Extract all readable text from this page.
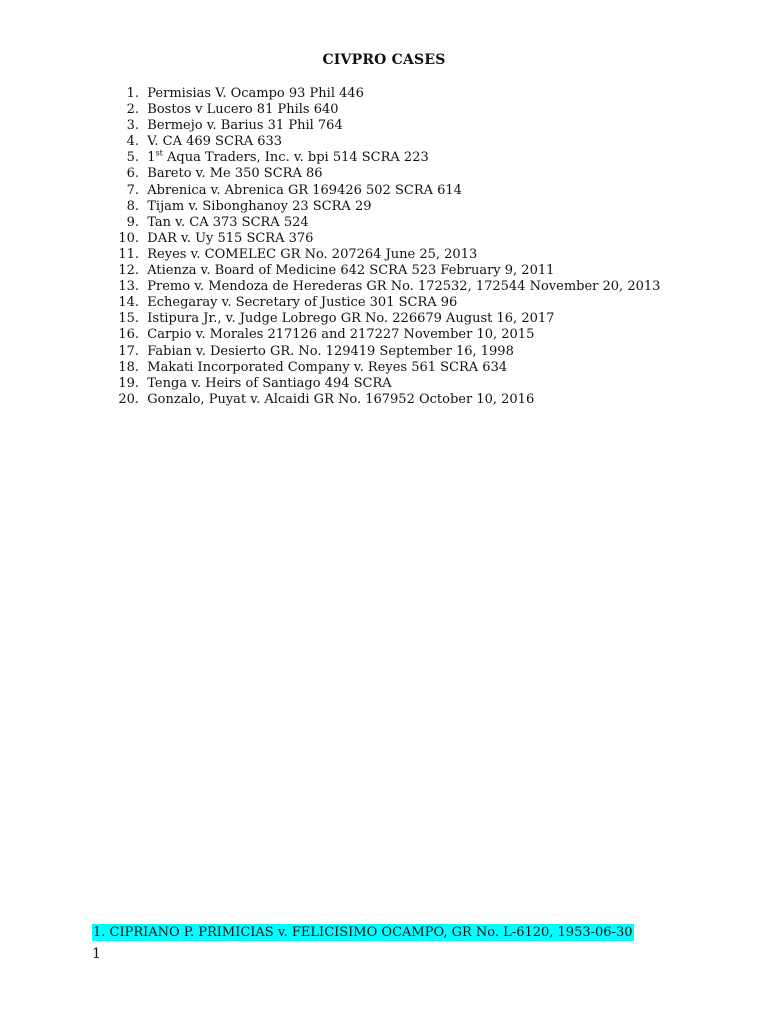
CIVPRO CASES
1.
Permisias V. Ocampo 93 Phil 446
2.
Bostos v Lucero 81 Phils 640
3.
Bermejo v. Barius 31 Phil 764
4.
V. CA 469 SCRA 633
5.
1st Aqua Traders, Inc. v. bpi 514 SCRA 223
6.
Bareto v. Me 350 SCRA 86
7.
Abrenica v. Abrenica GR 169426 502 SCRA 614
8.
Tijam v. Sibonghanoy 23 SCRA 29
9.
Tan v. CA 373 SCRA 524
10.
DAR v. Uy 515 SCRA 376
11.
Reyes v. COMELEC GR No. 207264 June 25, 2013
12.
Atienza v. Board of Medicine 642 SCRA 523 February 9, 2011
13.
Premo v. Mendoza de Herederas GR No. 172532, 172544 November 20, 2013
14.
Echegaray v. Secretary of Justice 301 SCRA 96
15.
Istipura Jr., v. Judge Lobrego GR No. 226679 August 16, 2017
16.
Carpio v. Morales 217126 and 217227 November 10, 2015
17.
Fabian v. Desierto GR. No. 129419 September 16, 1998
18.
Makati Incorporated Company v. Reyes 561 SCRA 634
19.
Tenga v. Heirs of Santiago 494 SCRA
20.
Gonzalo, Puyat v. Alcaidi GR No. 167952 October 10, 2016
1. CIPRIANO P. PRIMICIAS v. FELICISIMO OCAMPO, GR No. L-6120, 1953-06-30
1
